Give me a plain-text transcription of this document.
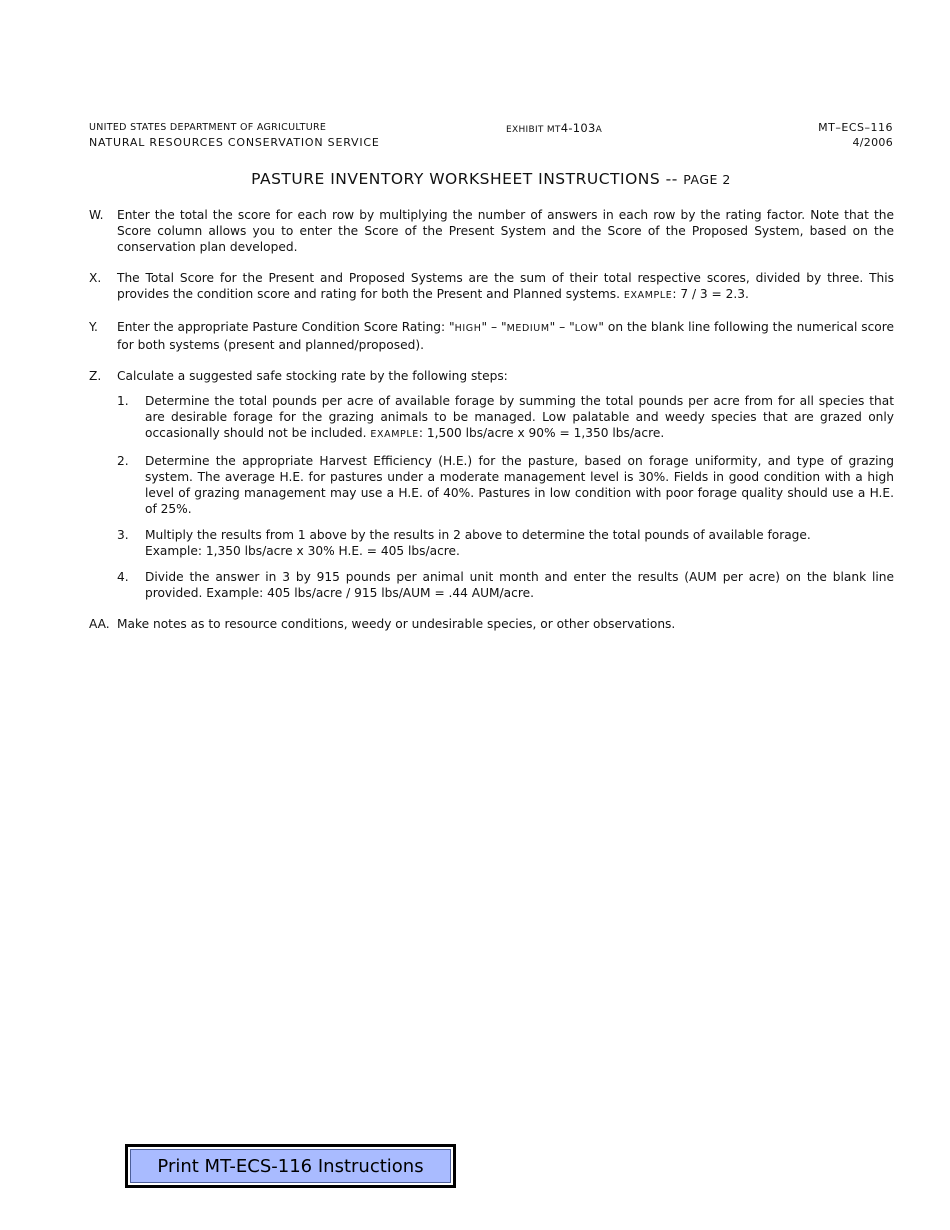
UNITED STATES DEPARTMENT OF AGRICULTURE
NATURAL RESOURCES CONSERVATION SERVICE
EXHIBIT MT4-103A	MT–ECS–116
4/2006
PASTURE INVENTORY WORKSHEET INSTRUCTIONS -- PAGE 2
W. Enter the total the score for each row by multiplying the number of answers in each row by the rating factor. Note that the Score column allows you to enter the Score of the Present System and the Score of the Proposed System, based on the conservation plan developed.
X. The Total Score for the Present and Proposed Systems are the sum of their total respective scores, divided by three. This provides the condition score and rating for both the Present and Planned systems. EXAMPLE: 7 / 3 = 2.3.
Y. Enter the appropriate Pasture Condition Score Rating: "HIGH" – "MEDIUM" – "LOW" on the blank line following the numerical score for both systems (present and planned/proposed).
Z. Calculate a suggested safe stocking rate by the following steps:
1. Determine the total pounds per acre of available forage by summing the total pounds per acre from for all species that are desirable forage for the grazing animals to be managed. Low palatable and weedy species that are grazed only occasionally should not be included. EXAMPLE: 1,500 lbs/acre x 90% = 1,350 lbs/acre.
2. Determine the appropriate Harvest Efficiency (H.E.) for the pasture, based on forage uniformity, and type of grazing system. The average H.E. for pastures under a moderate management level is 30%. Fields in good condition with a high level of grazing management may use a H.E. of 40%. Pastures in low condition with poor forage quality should use a H.E. of 25%.
3. Multiply the results from 1 above by the results in 2 above to determine the total pounds of available forage.
Example: 1,350 lbs/acre x 30% H.E. = 405 lbs/acre.
4. Divide the answer in 3 by 915 pounds per animal unit month and enter the results (AUM per acre) on the blank line provided. Example: 405 lbs/acre / 915 lbs/AUM = .44 AUM/acre.
AA. Make notes as to resource conditions, weedy or undesirable species, or other observations.
Print MT-ECS-116 Instructions
